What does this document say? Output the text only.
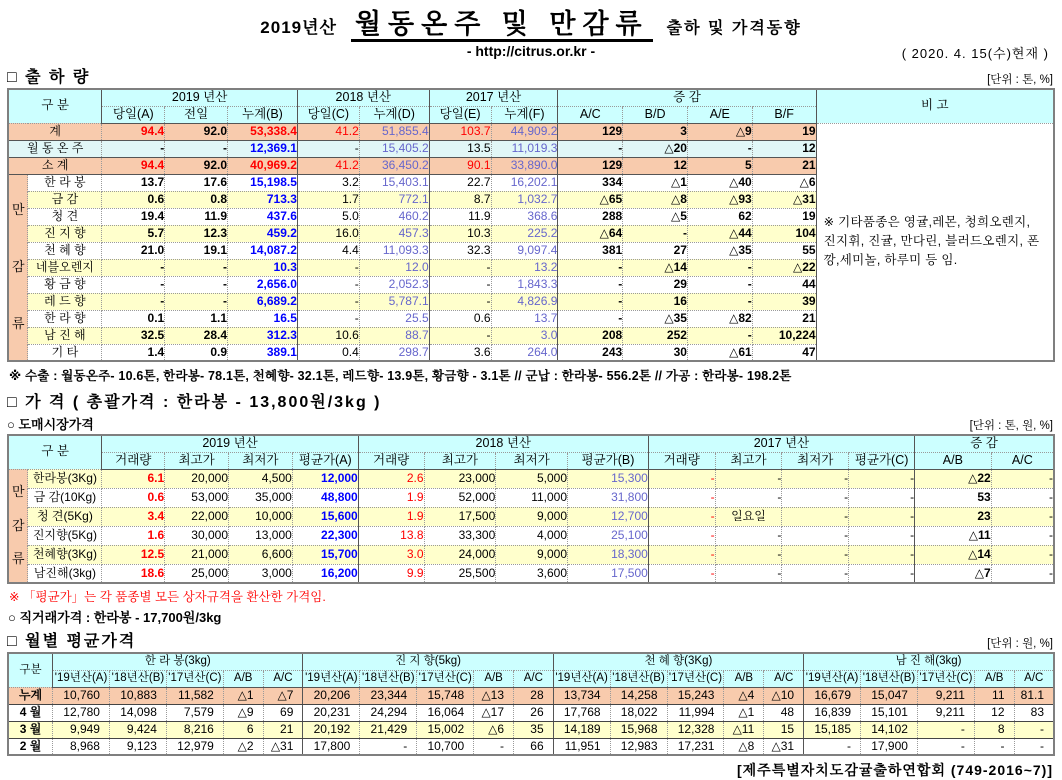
2019년산 월동온주 및 만감류 출하 및 가격동향
- http://citrus.or.kr -	( 2020. 4. 15(수)현재 )
□ 출 하 량	[단위 : 톤, %]
구 분		2019 년산			2018 년산		2017 년산		증 감				비 고
		당일(A)	전일	누계(B)	당일(C)	누계(D)	당일(E)	누계(F)	A/C	B/D	A/E	B/F	
계		94.4	92.0	53,338.4	41.2	51,855.4	103.7	44,909.2	129	3	△9	19	※ 기타품종은 영귤,레몬, 청희오렌지, 진지휘, 진귤, 만다린, 블러드오렌지, 폰깡,세미놀, 하루미 등 임.

월 동 온 주		-	-	12,369.1	-	15,405.2	13.5	11,019.3	-	△20	-	12	
소 계		94.4	92.0	40,969.2	41.2	36,450.2	90.1	33,890.0	129	12	5	21	

만
감
류	한 라 봉	13.7	17.6	15,198.5	3.2	15,403.1	22.7	16,202.1	334	△1	△40	△6	
	금 감	0.6	0.8	713.3	1.7	772.1	8.7	1,032.7	△65	△8	△93	△31	
	청 견	19.4	11.9	437.6	5.0	460.2	11.9	368.6	288	△5	62	19	
	진 지 향	5.7	12.3	459.2	16.0	457.3	10.3	225.2	△64	-	△44	104	
	천 혜 향	21.0	19.1	14,087.2	4.4	11,093.3	32.3	9,097.4	381	27	△35	55	
	네블오렌지	-	-	10.3	-	12.0	-	13.2	-	△14	-	△22	
	황 금 향	-	-	2,656.0	-	2,052.3	-	1,843.3	-	29	-	44	
	레 드 향	-	-	6,689.2	-	5,787.1	-	4,826.9	-	16	-	39	
	한 라 향	0.1	1.1	16.5	-	25.5	0.6	13.7	-	△35	△82	21	
	남 진 해	32.5	28.4	312.3	10.6	88.7	-	3.0	208	252	-	10,224	
	기 타	1.4	0.9	389.1	0.4	298.7	3.6	264.0	243	30	△61	47	
※ 수출 : 월동온주- 10.6톤, 한라봉- 78.1톤, 천혜향- 32.1톤, 레드향- 13.9톤, 황금향 - 3.1톤 // 군납 : 한라봉- 556.2톤 // 가공 : 한라봉- 198.2톤
□ 가 격 ( 총괄가격 : 한라봉 - 13,800원/3kg )
○ 도매시장가격	[단위 : 톤, 원, %]
구 분		2019 년산				2018 년산				2017 년산				증 감	
		거래량	최고가	최저가	평균가(A)	거래량	최고가	최저가	평균가(B)	거래량	최고가	최저가	평균가(C)	A/B	A/C

만
감
류	한라봉(3Kg)	6.1	20,000	4,500	12,000	2.6	23,000	5,000	15,300	-	-	-	-	△22	-
	금 감(10Kg)	0.6	53,000	35,000	48,800	1.9	52,000	11,000	31,800	-	-	-	-	53	-
	청 견(5Kg)	3.4	22,000	10,000	15,600	1.9	17,500	9,000	12,700	-	일요일	-	-	23	-
	진지향(5Kg)	1.6	30,000	13,000	22,300	13.8	33,300	4,000	25,100	-	-	-	-	△11	-
	천혜향(3Kg)	12.5	21,000	6,600	15,700	3.0	24,000	9,000	18,300	-	-	-	-	△14	-
	남진해(3kg)	18.6	25,000	3,000	16,200	9.9	25,500	3,600	17,500	-	-	-	-	△7	-
※ 「평균가」는 각 품종별 모든 상자규격을 환산한 가격임.
○ 직거래가격 : 한라봉 - 17,700원/3kg
□ 월별 평균가격	[단위 : 원, %]
구분	한 라 봉(3kg)					진 지 향(5kg)					천 혜 향(3Kg)					남 진 해(3kg)				
	'19년산(A)	'18년산(B)	'17년산(C)	A/B	A/C	'19년산(A)	'18년산(B)	'17년산(C)	A/B	A/C	'19년산(A)	'18년산(B)	'17년산(C)	A/B	A/C	'19년산(A)	'18년산(B)	'17년산(C)	A/B	A/C
누계	10,760	10,883	11,582	△1	△7	20,206	23,344	15,748	△13	28	13,734	14,258	15,243	△4	△10	16,679	15,047	9,211	11	81.1
4 월	12,780	14,098	7,579	△9	69	20,231	24,294	16,064	△17	26	17,768	18,022	11,994	△1	48	16,839	15,101	9,211	12	83
3 월	9,949	9,424	8,216	6	21	20,192	21,429	15,002	△6	35	14,189	15,968	12,328	△11	15	15,185	14,102	-	8	-
2 월	8,968	9,123	12,979	△2	△31	17,800	-	10,700	-	66	11,951	12,983	17,231	△8	△31	-	17,900	-	-	-
[제주특별자치도감귤출하연합회 (749-2016~7)]
